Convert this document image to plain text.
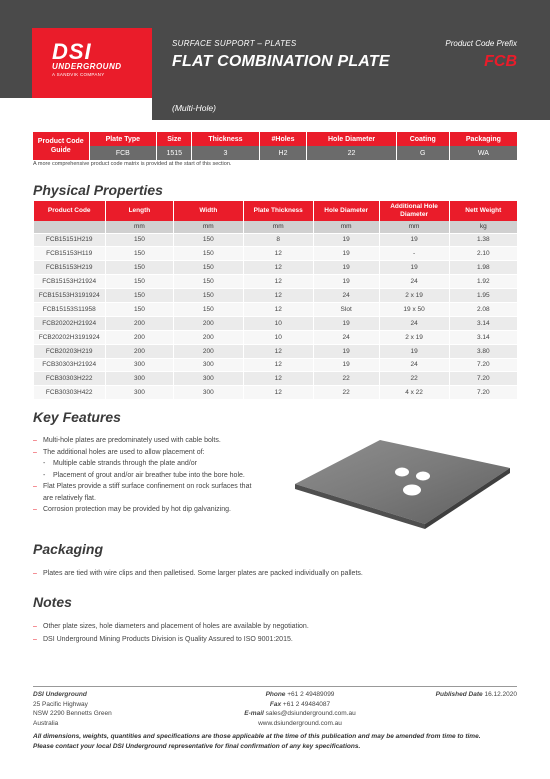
DSI
UNDERGROUND
A SANDVIK COMPANY
SURFACE SUPPORT – PLATES
FLAT COMBINATION PLATE
Product Code Prefix
FCB
(Multi-Hole)
Product Code Guide	Plate Type	Size	Thickness	#Holes	Hole Diameter	Coating	Packaging
	FCB	1515	3	H2	22	G	WA
A more comprehensive product code matrix is provided at the start of this section.
Physical Properties
Product Code	Length	Width	Plate Thickness	Hole Diameter	Additional Hole Diameter	Nett Weight
	mm	mm	mm	mm	mm	kg
FCB15151H219	150	150	8	19	19	1.38
FCB15153H119	150	150	12	19	-	2.10
FCB15153H219	150	150	12	19	19	1.98
FCB15153H21924	150	150	12	19	24	1.92
FCB15153H3191924	150	150	12	24	2 x 19	1.95
FCB15153S11958	150	150	12	Slot	19 x 50	2.08
FCB20202H21924	200	200	10	19	24	3.14
FCB20202H3191924	200	200	10	24	2 x 19	3.14
FCB20203H219	200	200	12	19	19	3.80
FCB30303H21924	300	300	12	19	24	7.20
FCB30303H222	300	300	12	22	22	7.20
FCB30303H422	300	300	12	22	4 x 22	7.20
Key Features
– Multi-hole plates are predominately used with cable bolts.
– The additional holes are used to allow placement of:
- Multiple cable strands through the plate and/or
- Placement of grout and/or air breather tube into the bore hole.
– Flat Plates provide a stiff surface confinement on rock surfaces that
are relatively flat.
– Corrosion protection may be provided by hot dip galvanizing.
Packaging
– Plates are tied with wire clips and then palletised. Some larger plates are packed individually on pallets.
Notes
– Other plate sizes, hole diameters and placement of holes are available by negotiation.
– DSI Underground Mining Products Division is Quality Assured to ISO 9001:2015.
DSI Underground
25 Pacific Highway
NSW 2290 Bennetts Green
Australia
Phone +61 2 49489099
Fax +61 2 49484087
E-mail sales@dsiunderground.com.au
www.dsiunderground.com.au
Published Date 16.12.2020
All dimensions, weights, quantities and specifications are those applicable at the time of this publication and may be amended from time to time.
Please contact your local DSI Underground representative for final confirmation of any key specifications.
